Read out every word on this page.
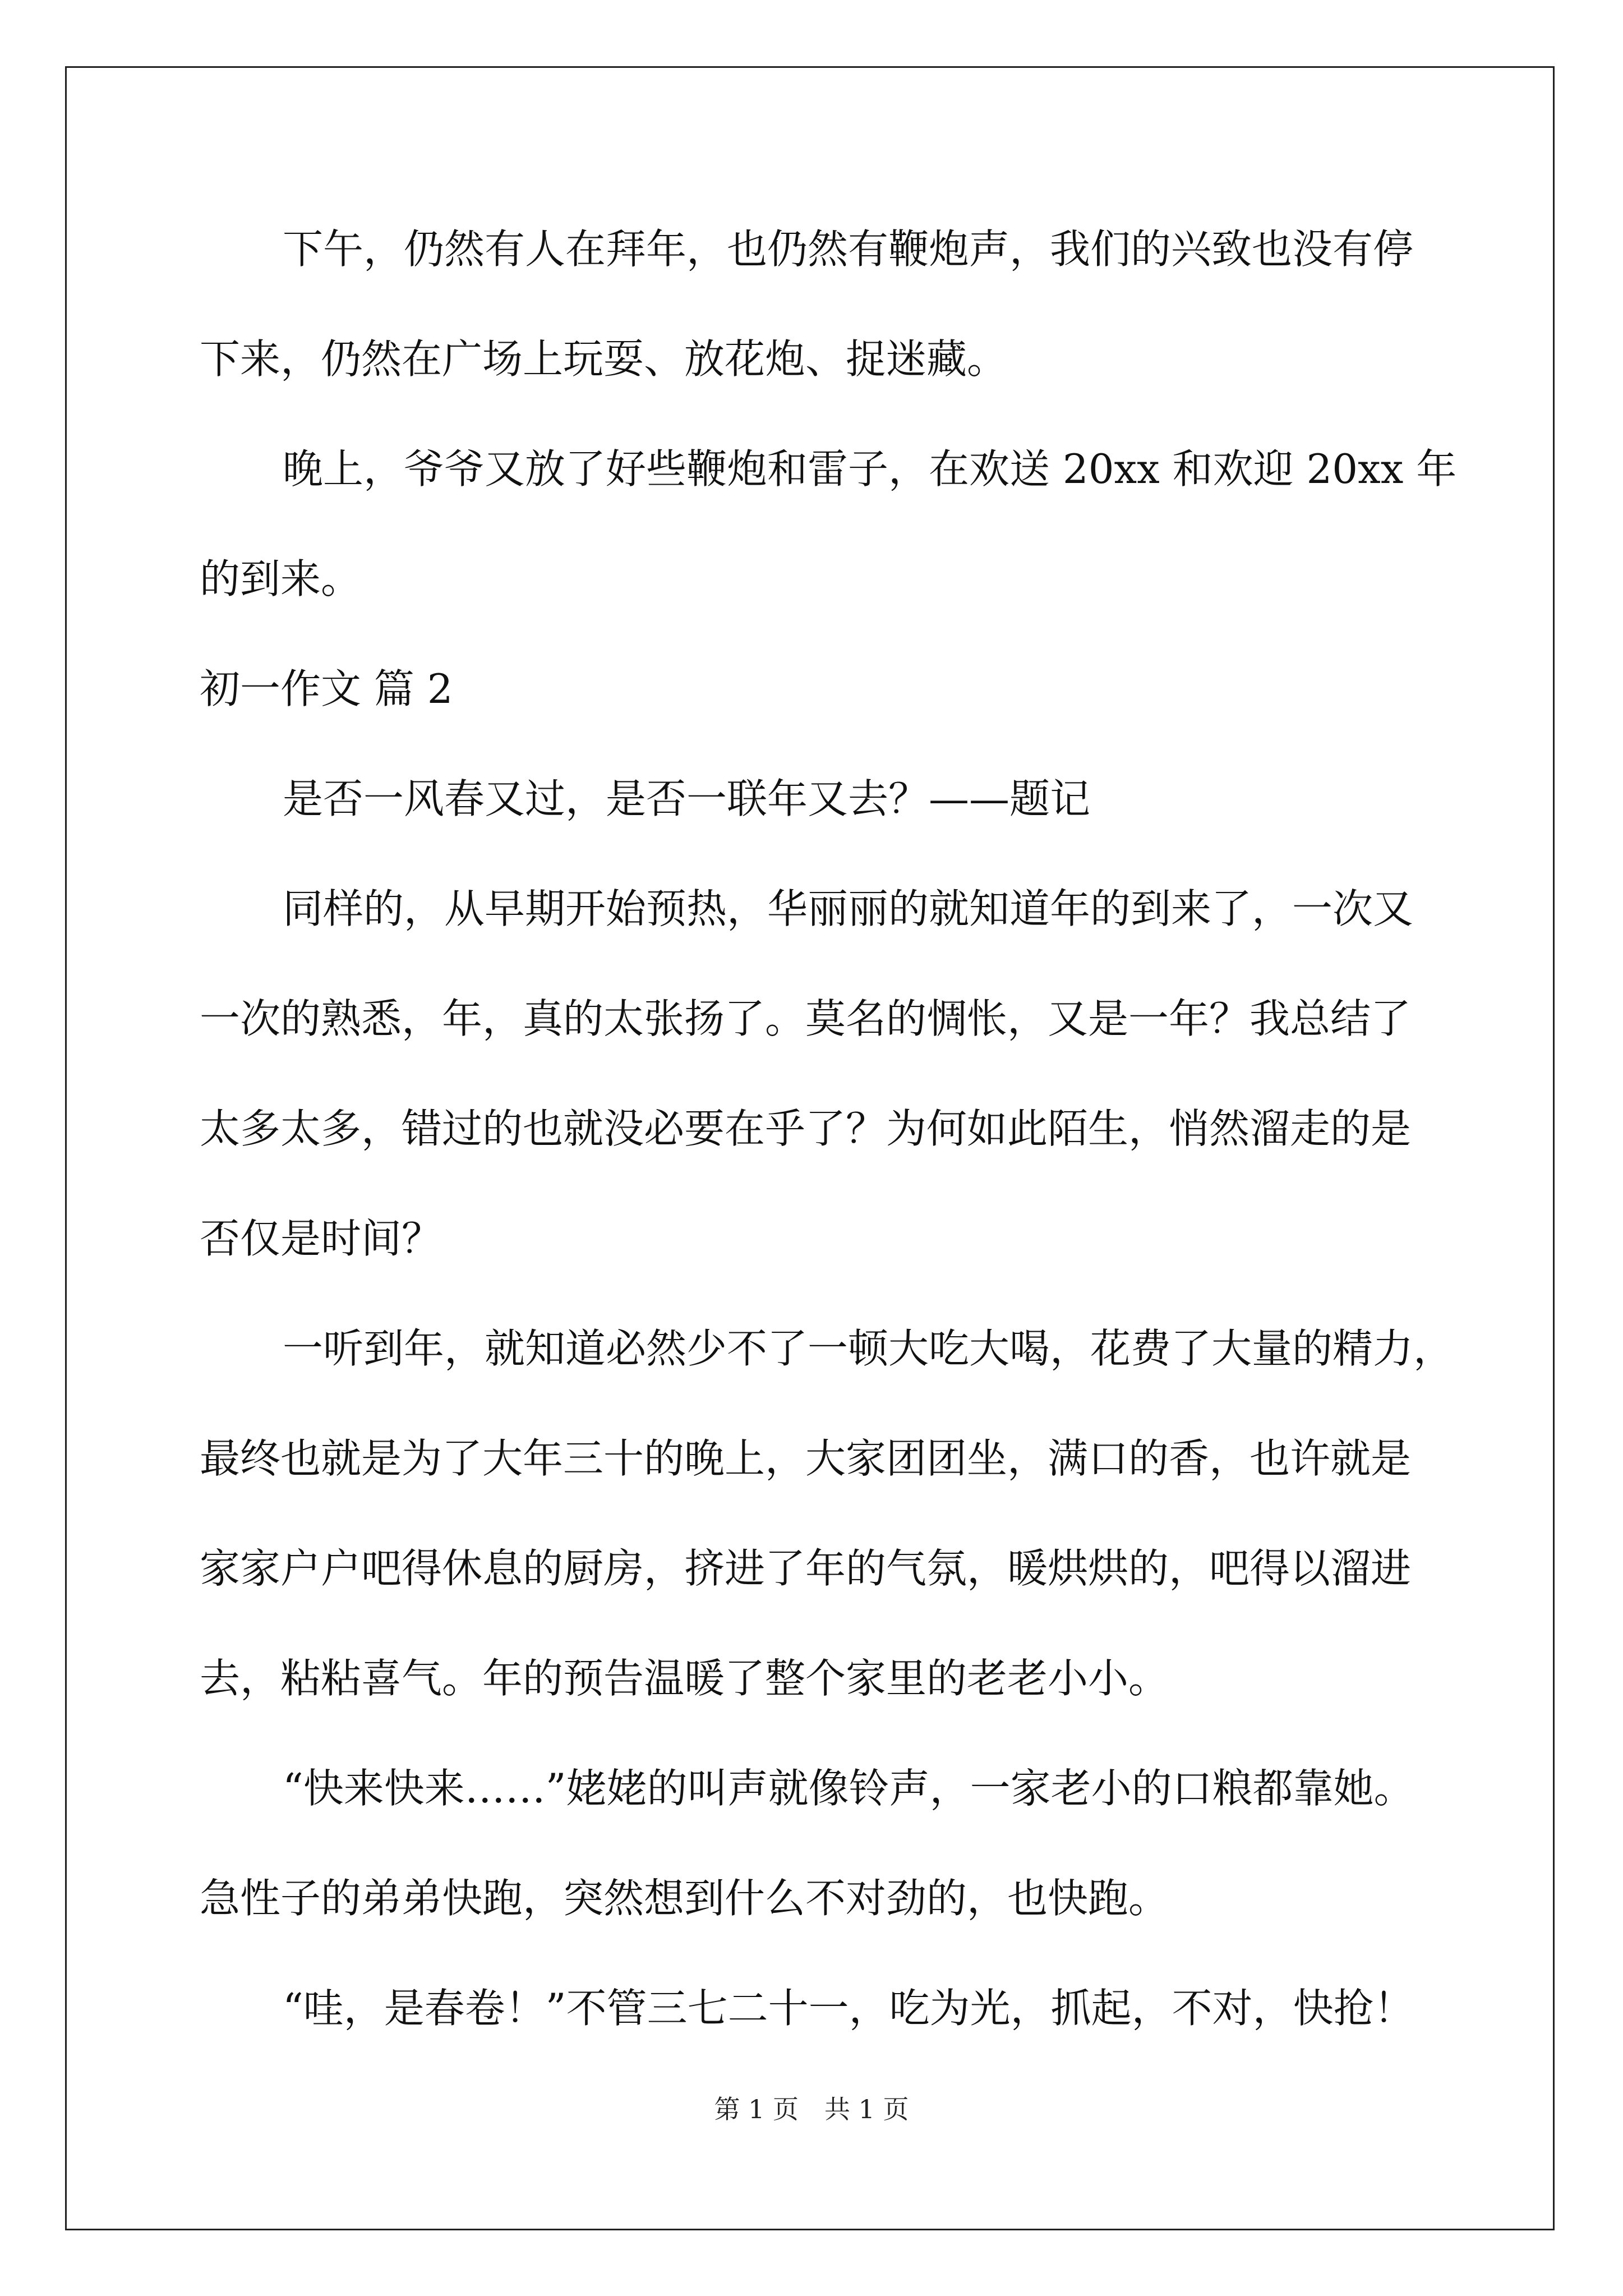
下午，仍然有人在拜年，也仍然有鞭炮声，我们的兴致也没有停
下来，仍然在广场上玩耍、放花炮、捉迷藏。
晚上，爷爷又放了好些鞭炮和雷子，在欢送 20xx 和欢迎 20xx 年
的到来。
初一作文 篇 2
是否一风春又过，是否一联年又去？——题记
同样的，从早期开始预热，华丽丽的就知道年的到来了，一次又
一次的熟悉，年，真的太张扬了。莫名的惆怅，又是一年？我总结了
太多太多，错过的也就没必要在乎了？为何如此陌生，悄然溜走的是
否仅是时间？
一听到年，就知道必然少不了一顿大吃大喝，花费了大量的精力，
最终也就是为了大年三十的晚上，大家团团坐，满口的香，也许就是
家家户户吧得休息的厨房，挤进了年的气氛，暖烘烘的，吧得以溜进
去，粘粘喜气。年的预告温暖了整个家里的老老小小。
“快来快来……”姥姥的叫声就像铃声，一家老小的口粮都靠她。
急性子的弟弟快跑，突然想到什么不对劲的，也快跑。
“哇，是春卷！”不管三七二十一，吃为光，抓起，不对，快抢！
第 1 页　共 1 页
